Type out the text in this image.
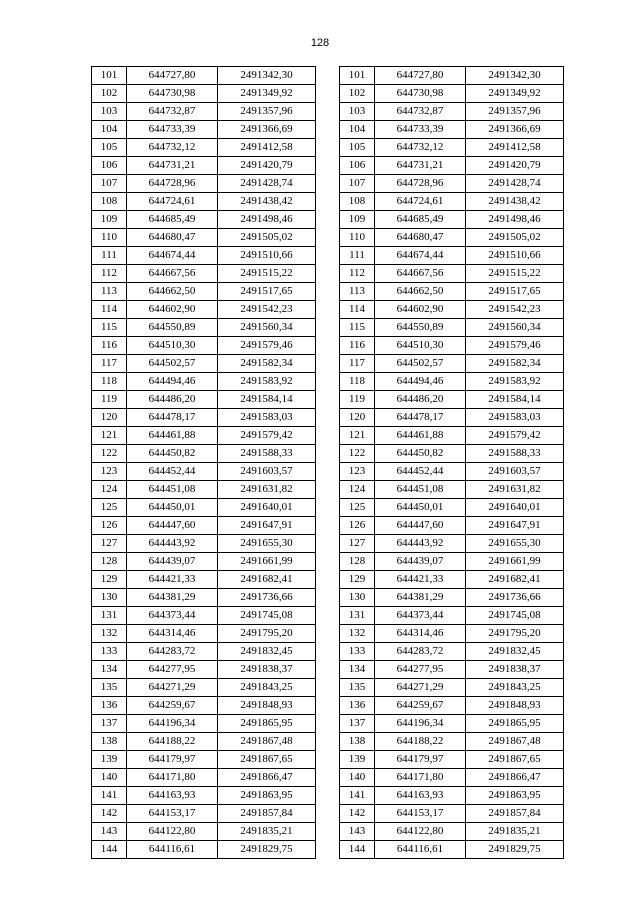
128
101	644727,80	2491342,30
102	644730,98	2491349,92
103	644732,87	2491357,96
104	644733,39	2491366,69
105	644732,12	2491412,58
106	644731,21	2491420,79
107	644728,96	2491428,74
108	644724,61	2491438,42
109	644685,49	2491498,46
110	644680,47	2491505,02
111	644674,44	2491510,66
112	644667,56	2491515,22
113	644662,50	2491517,65
114	644602,90	2491542,23
115	644550,89	2491560,34
116	644510,30	2491579,46
117	644502,57	2491582,34
118	644494,46	2491583,92
119	644486,20	2491584,14
120	644478,17	2491583,03
121	644461,88	2491579,42
122	644450,82	2491588,33
123	644452,44	2491603,57
124	644451,08	2491631,82
125	644450,01	2491640,01
126	644447,60	2491647,91
127	644443,92	2491655,30
128	644439,07	2491661,99
129	644421,33	2491682,41
130	644381,29	2491736,66
131	644373,44	2491745,08
132	644314,46	2491795,20
133	644283,72	2491832,45
134	644277,95	2491838,37
135	644271,29	2491843,25
136	644259,67	2491848,93
137	644196,34	2491865,95
138	644188,22	2491867,48
139	644179,97	2491867,65
140	644171,80	2491866,47
141	644163,93	2491863,95
142	644153,17	2491857,84
143	644122,80	2491835,21
144	644116,61	2491829,75
101	644727,80	2491342,30
102	644730,98	2491349,92
103	644732,87	2491357,96
104	644733,39	2491366,69
105	644732,12	2491412,58
106	644731,21	2491420,79
107	644728,96	2491428,74
108	644724,61	2491438,42
109	644685,49	2491498,46
110	644680,47	2491505,02
111	644674,44	2491510,66
112	644667,56	2491515,22
113	644662,50	2491517,65
114	644602,90	2491542,23
115	644550,89	2491560,34
116	644510,30	2491579,46
117	644502,57	2491582,34
118	644494,46	2491583,92
119	644486,20	2491584,14
120	644478,17	2491583,03
121	644461,88	2491579,42
122	644450,82	2491588,33
123	644452,44	2491603,57
124	644451,08	2491631,82
125	644450,01	2491640,01
126	644447,60	2491647,91
127	644443,92	2491655,30
128	644439,07	2491661,99
129	644421,33	2491682,41
130	644381,29	2491736,66
131	644373,44	2491745,08
132	644314,46	2491795,20
133	644283,72	2491832,45
134	644277,95	2491838,37
135	644271,29	2491843,25
136	644259,67	2491848,93
137	644196,34	2491865,95
138	644188,22	2491867,48
139	644179,97	2491867,65
140	644171,80	2491866,47
141	644163,93	2491863,95
142	644153,17	2491857,84
143	644122,80	2491835,21
144	644116,61	2491829,75
